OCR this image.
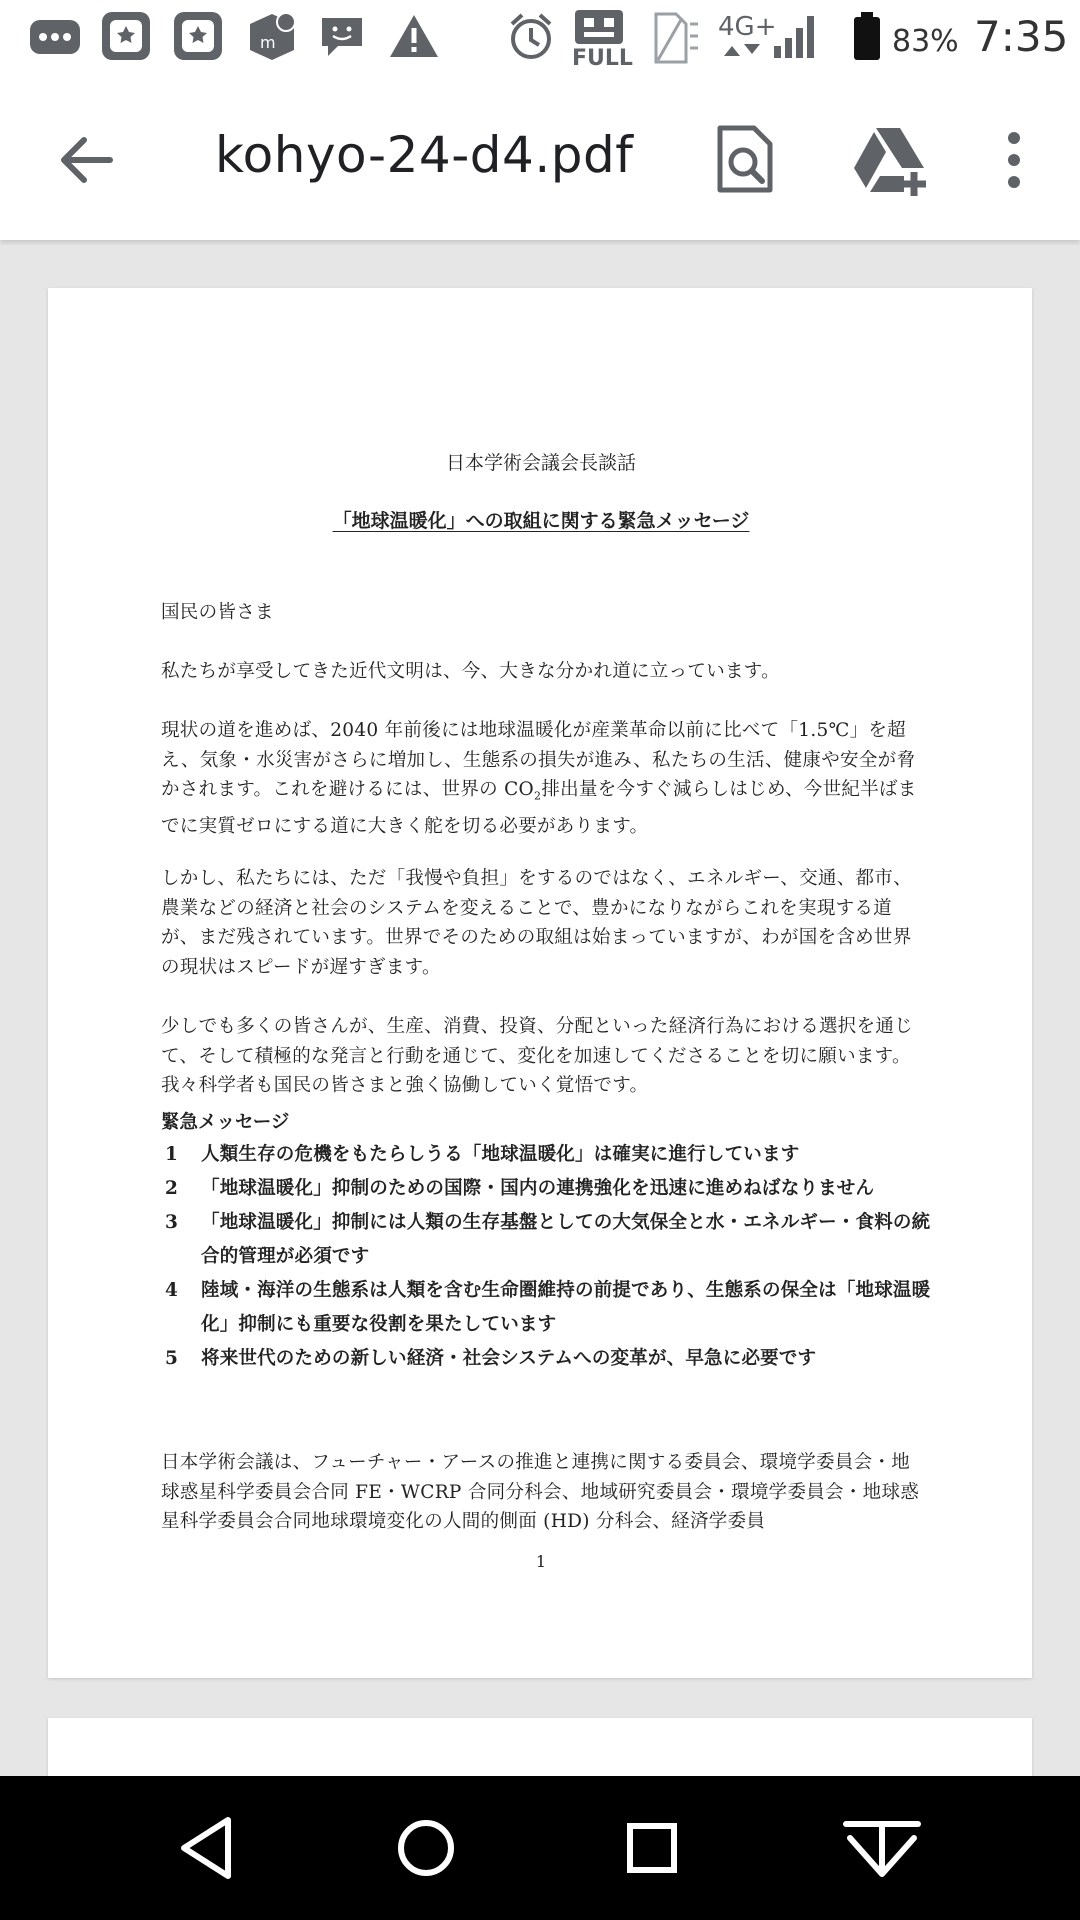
m
FULL
4G+	83% 7:35
kohyo-24-d4.pdf
日本学術会議会長談話
「地球温暖化」への取組に関する緊急メッセージ

国民の皆さま

私たちが享受してきた近代文明は、今、大きな分かれ道に立っています。

現状の道を進めば、2040 年前後には地球温暖化が産業革命以前に比べて「1.5℃」を超え、気象・水災害がさらに増加し、生態系の損失が進み、私たちの生活、健康や安全が脅かされます。これを避けるには、世界の $CO_2$排出量を今すぐ減らしはじめ、今世紀半ばまでに実質ゼロにする道に大きく舵を切る必要があります。

しかし、私たちには、ただ「我慢や負担」をするのではなく、エネルギー、交通、都市、農業などの経済と社会のシステムを変えることで、豊かになりながらこれを実現する道が、まだ残されています。世界でそのための取組は始まっていますが、わが国を含め世界の現状はスピードが遅すぎます。

少しでも多くの皆さんが、生産、消費、投資、分配といった経済行為における選択を通じて、そして積極的な発言と行動を通じて、変化を加速してくださることを切に願います。我々科学者も国民の皆さまと強く協働していく覚悟です。

緊急メッセージ
1 人類生存の危機をもたらしうる「地球温暖化」は確実に進行しています
2 「地球温暖化」抑制のための国際・国内の連携強化を迅速に進めねばなりません
3 「地球温暖化」抑制には人類の生存基盤としての大気保全と水・エネルギー・食料の統合的管理が必須です
4 陸域・海洋の生態系は人類を含む生命圏維持の前提であり、生態系の保全は「地球温暖化」抑制にも重要な役割を果たしています
5 将来世代のための新しい経済・社会システムへの変革が、早急に必要です

日本学術会議は、フューチャー・アースの推進と連携に関する委員会、環境学委員会・地球惑星科学委員会合同 FE・WCRP 合同分科会、地域研究委員会・環境学委員会・地球惑星科学委員会合同地球環境変化の人間的側面 (HD) 分科会、経済学委員

1
